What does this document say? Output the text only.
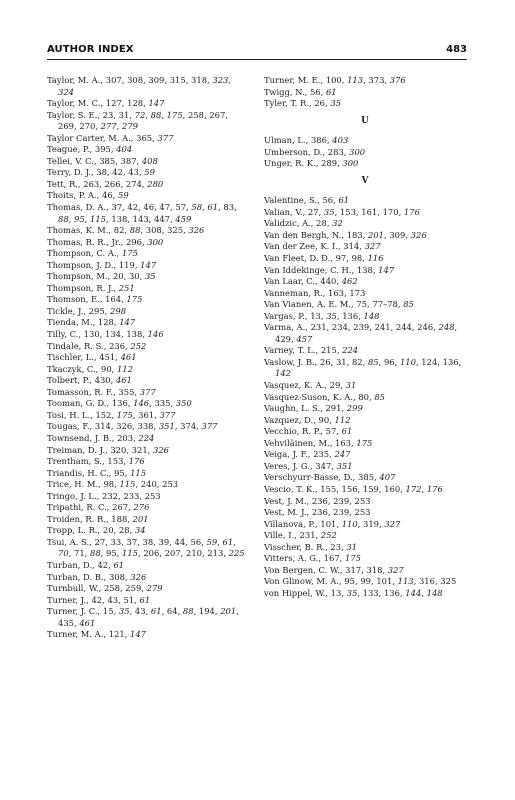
AUTHOR INDEX	483
Taylor, M. A., 307, 308, 309, 315, 318, 323, 324
Taylor, M. C., 127, 128, 147
Taylor, S. E., 23, 31, 72, 88, 175, 258, 267, 269, 270, 277, 279
Taylor Carter, M. A., 365, 377
Teague, P., 395, 404
Tellei, V. C., 385, 387, 408
Terry, D. J., 38, 42, 43, 59
Tett, R., 263, 266, 274, 280
Thoits, P. A., 46, 59
Thomas, D. A., 37, 42, 46, 47, 57, 58, 61, 83, 88, 95, 115, 138, 143, 447, 459
Thomas, K. M., 82, 88, 308, 325, 326
Thomas, R. R., Jr., 296, 300
Thompson, C. A., 175
Thompson, J. D., 119, 147
Thompson, M., 20, 30, 35
Thompson, R. J., 251
Thomson, E., 164, 175
Tickle, J., 295, 298
Tienda, M., 128, 147
Tilly, C., 130, 134, 138, 146
Tindale, R. S., 236, 252
Tischler, L., 451, 461
Tkaczyk, C., 90, 112
Tolbert, P., 430, 461
Tomasson, R. F., 355, 377
Tooman, G. D., 136, 146, 335, 350
Tosi, H. L., 152, 175, 361, 377
Tougas, F., 314, 326, 338, 351, 374, 377
Townsend, J. B., 203, 224
Treiman, D. J., 320, 321, 326
Trentham, S., 153, 176
Triandis, H. C., 95, 115
Trice, H. M., 98, 115, 240, 253
Tringo, J. L., 232, 233, 253
Tripathi, R. C., 267, 276
Troiden, R. R., 188, 201
Tropp, L. R., 20, 28, 34
Tsui, A. S., 27, 33, 37, 38, 39, 44, 56, 59, 61, 70, 71, 88, 95, 115, 206, 207, 210, 213, 225
Turban, D., 42, 61
Turban, D. B., 308, 326
Turnbull, W., 258, 259, 279
Turner, J., 42, 43, 51, 61
Turner, J. C., 15, 35, 43, 61, 64, 88, 194, 201, 435, 461
Turner, M. A., 121, 147
Turner, M. E., 100, 113, 373, 376
Twigg, N., 56, 61
Tyler, T. R., 26, 35
U
Ulman, L., 386, 403
Umberson, D., 283, 300
Unger, R. K., 289, 300
V
Valentine, S., 56, 61
Valian, V., 27, 35, 153, 161, 170, 176
Validzic, A., 28, 32
Van den Bergh, N., 183, 201, 309, 326
Van der Zee, K. I., 314, 327
Van Fleet, D. D., 97, 98, 116
Van Iddekinge, C. H., 138, 147
Van Laar, C., 440, 462
Vanneman, R., 163, 173
Van Vianen, A. E. M., 75, 77–78, 85
Vargas, P., 13, 35, 136, 148
Varma, A., 231, 234, 239, 241, 244, 246, 248, 429, 457
Varney, T. L., 215, 224
Vaslow, J. B., 26, 31, 82, 85, 96, 110, 124, 136, 142
Vasquez, K. A., 29, 31
Vasquez-Suson, K. A., 80, 85
Vaughn, L. S., 291, 299
Vazquez, D., 90, 112
Vecchio, R. P., 57, 61
Vehviläinen, M., 163, 175
Veiga, J. F., 235, 247
Veres, J. G., 347, 351
Verschyurr-Basse, D., 385, 407
Vescio, T. K., 155, 156, 159, 160, 172, 176
Vest, J. M., 236, 239, 253
Vest, M. J., 236, 239, 253
Villanova, P., 101, 110, 319, 327
Ville, I., 231, 252
Visscher, B. R., 23, 31
Vitters, A. G., 167, 175
Von Bergen, C. W., 317, 318, 327
Von Glinow, M. A., 95, 99, 101, 113, 316, 325
von Hippel, W., 13, 35, 133, 136, 144, 148
